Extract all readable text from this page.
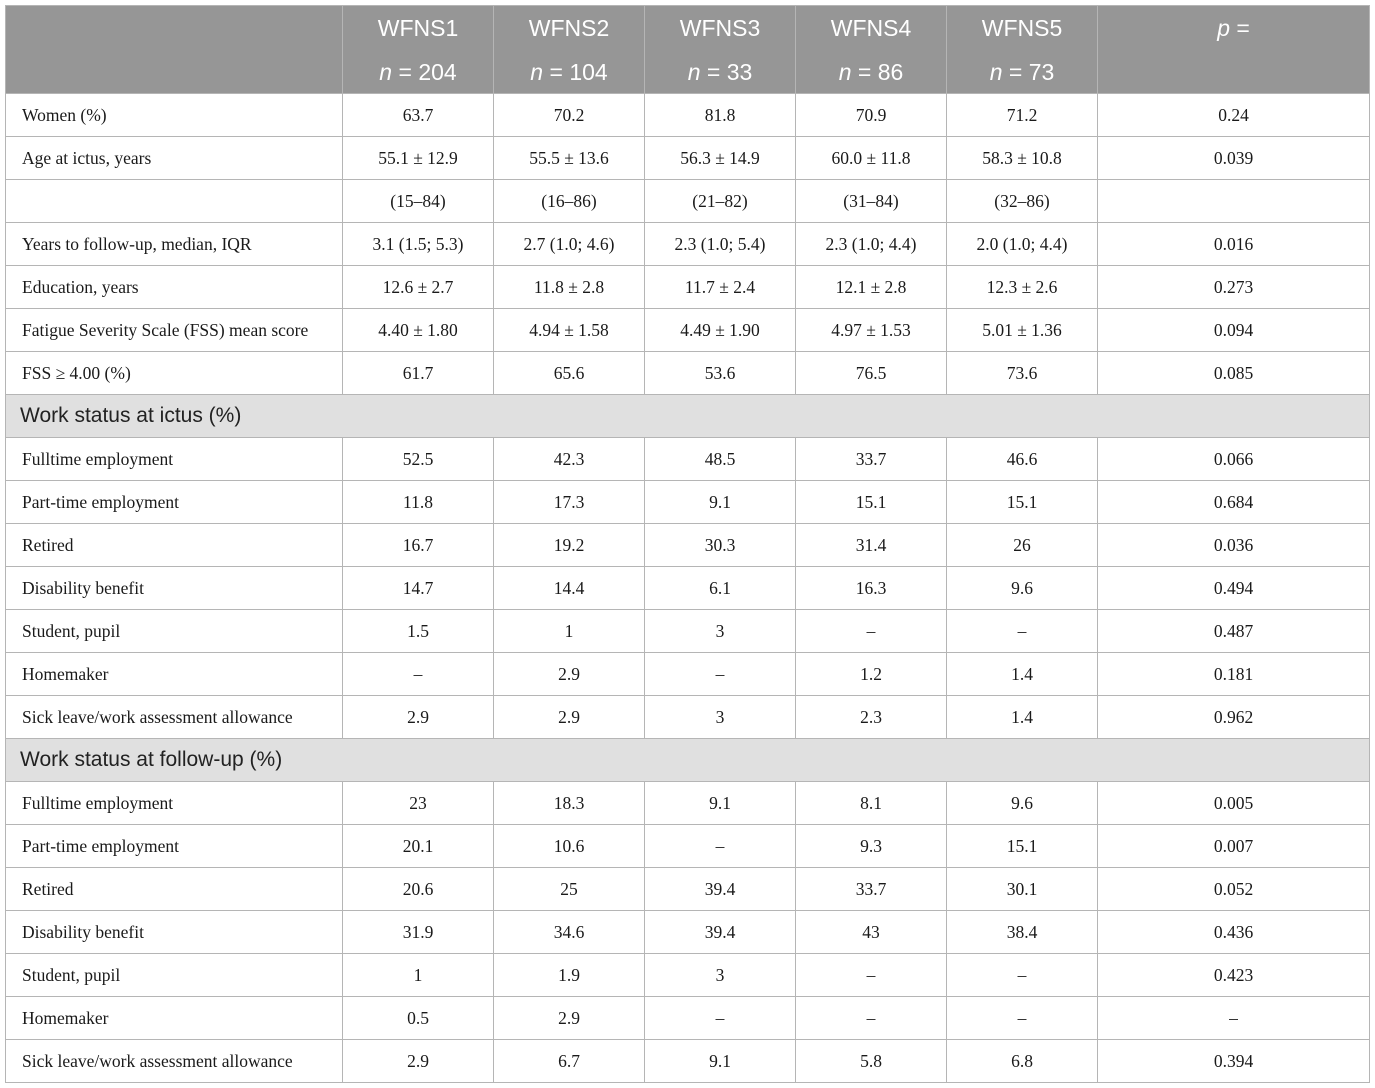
	WFNS1	WFNS2	WFNS3	WFNS4	WFNS5	p =
	n = 204	n = 104	n = 33	n = 86	n = 73	
Women (%)	63.7	70.2	81.8	70.9	71.2	0.24
Age at ictus, years	55.1 ± 12.9	55.5 ± 13.6	56.3 ± 14.9	60.0 ± 11.8	58.3 ± 10.8	0.039
	(15–84)	(16–86)	(21–82)	(31–84)	(32–86)	
Years to follow-up, median, IQR	3.1 (1.5; 5.3)	2.7 (1.0; 4.6)	2.3 (1.0; 5.4)	2.3 (1.0; 4.4)	2.0 (1.0; 4.4)	0.016
Education, years	12.6 ± 2.7	11.8 ± 2.8	11.7 ± 2.4	12.1 ± 2.8	12.3 ± 2.6	0.273
Fatigue Severity Scale (FSS) mean score	4.40 ± 1.80	4.94 ± 1.58	4.49 ± 1.90	4.97 ± 1.53	5.01 ± 1.36	0.094
FSS ≥ 4.00 (%)	61.7	65.6	53.6	76.5	73.6	0.085
Work status at ictus (%)						
Fulltime employment	52.5	42.3	48.5	33.7	46.6	0.066
Part-time employment	11.8	17.3	9.1	15.1	15.1	0.684
Retired	16.7	19.2	30.3	31.4	26	0.036
Disability benefit	14.7	14.4	6.1	16.3	9.6	0.494
Student, pupil	1.5	1	3	–	–	0.487
Homemaker	–	2.9	–	1.2	1.4	0.181
Sick leave/work assessment allowance	2.9	2.9	3	2.3	1.4	0.962
Work status at follow-up (%)						
Fulltime employment	23	18.3	9.1	8.1	9.6	0.005
Part-time employment	20.1	10.6	–	9.3	15.1	0.007
Retired	20.6	25	39.4	33.7	30.1	0.052
Disability benefit	31.9	34.6	39.4	43	38.4	0.436
Student, pupil	1	1.9	3	–	–	0.423
Homemaker	0.5	2.9	–	–	–	–
Sick leave/work assessment allowance	2.9	6.7	9.1	5.8	6.8	0.394
